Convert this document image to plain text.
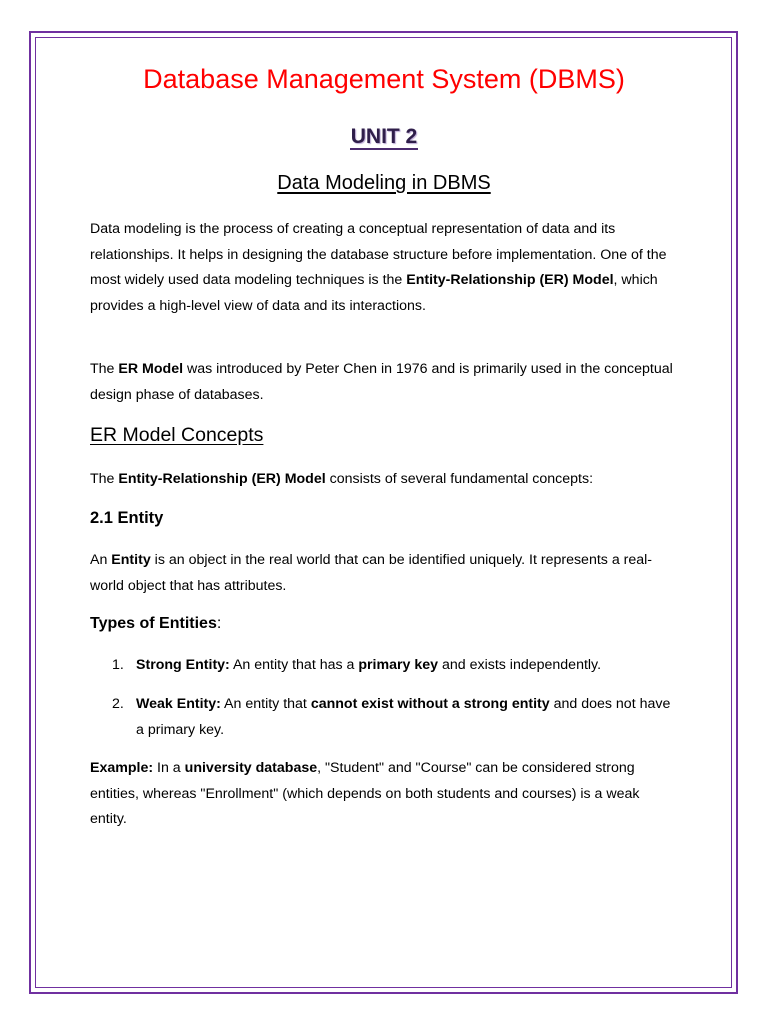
Database Management System (DBMS)
UNIT 2
Data Modeling in DBMS

Data modeling is the process of creating a conceptual representation of data and its relationships. It helps in designing the database structure before implementation. One of the most widely used data modeling techniques is the Entity-Relationship (ER) Model, which provides a high-level view of data and its interactions.

The ER Model was introduced by Peter Chen in 1976 and is primarily used in the conceptual design phase of databases.

ER Model Concepts

The Entity-Relationship (ER) Model consists of several fundamental concepts:

2.1 Entity

An Entity is an object in the real world that can be identified uniquely. It represents a real-world object that has attributes.

Types of Entities:
1. Strong Entity: An entity that has a primary key and exists independently.
2. Weak Entity: An entity that cannot exist without a strong entity and does not have a primary key.

Example: In a university database, "Student" and "Course" can be considered strong entities, whereas "Enrollment" (which depends on both students and courses) is a weak entity.
